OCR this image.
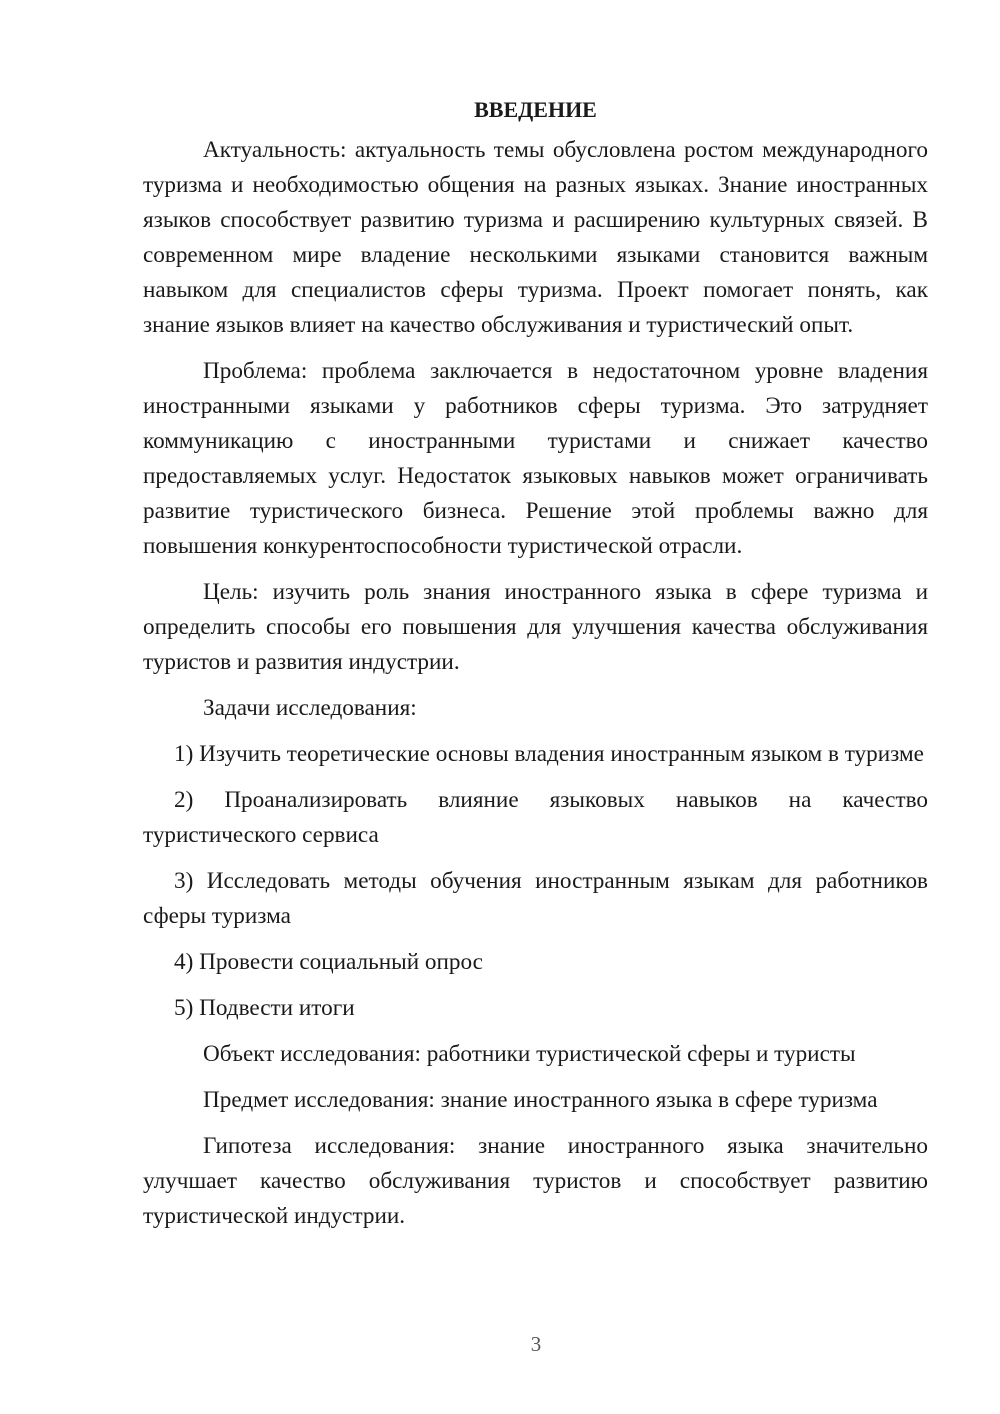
ВВЕДЕНИЕ

Актуальность: актуальность темы обусловлена ростом международного туризма и необходимостью общения на разных языках. Знание иностранных языков способствует развитию туризма и расширению культурных связей. В современном мире владение несколькими языками становится важным навыком для специалистов сферы туризма. Проект помогает понять, как знание языков влияет на качество обслуживания и туристический опыт.

Проблема: проблема заключается в недостаточном уровне владения иностранными языками у работников сферы туризма. Это затрудняет коммуникацию с иностранными туристами и снижает качество предоставляемых услуг. Недостаток языковых навыков может ограничивать развитие туристического бизнеса. Решение этой проблемы важно для повышения конкурентоспособности туристической отрасли.

Цель: изучить роль знания иностранного языка в сфере туризма и определить способы его повышения для улучшения качества обслуживания туристов и развития индустрии.

Задачи исследования:

1) Изучить теоретические основы владения иностранным языком в туризме

2) Проанализировать влияние языковых навыков на качество туристического сервиса

3) Исследовать методы обучения иностранным языкам для работников сферы туризма

4) Провести социальный опрос

5) Подвести итоги

Объект исследования: работники туристической сферы и туристы

Предмет исследования: знание иностранного языка в сфере туризма

Гипотеза исследования: знание иностранного языка значительно улучшает качество обслуживания туристов и способствует развитию туристической индустрии.

3
